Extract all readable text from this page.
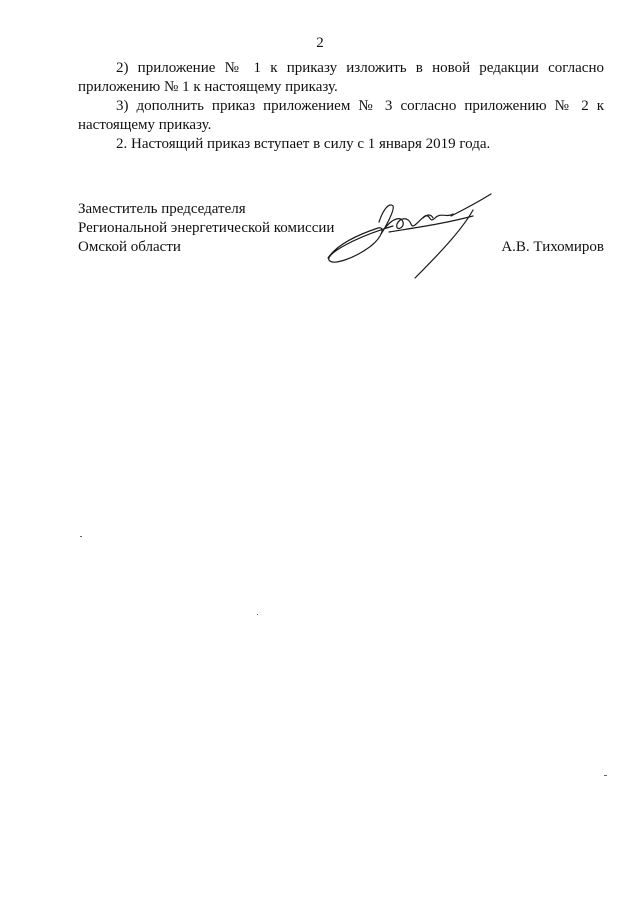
2

2) приложение № 1 к приказу изложить в новой редакции согласно приложению № 1 к настоящему приказу.

3) дополнить приказ приложением № 3 согласно приложению № 2 к настоящему приказу.

2. Настоящий приказ вступает в силу с 1 января 2019 года.

Заместитель председателя
Региональной энергетической комиссии
Омской области	А.В. Тихомиров
